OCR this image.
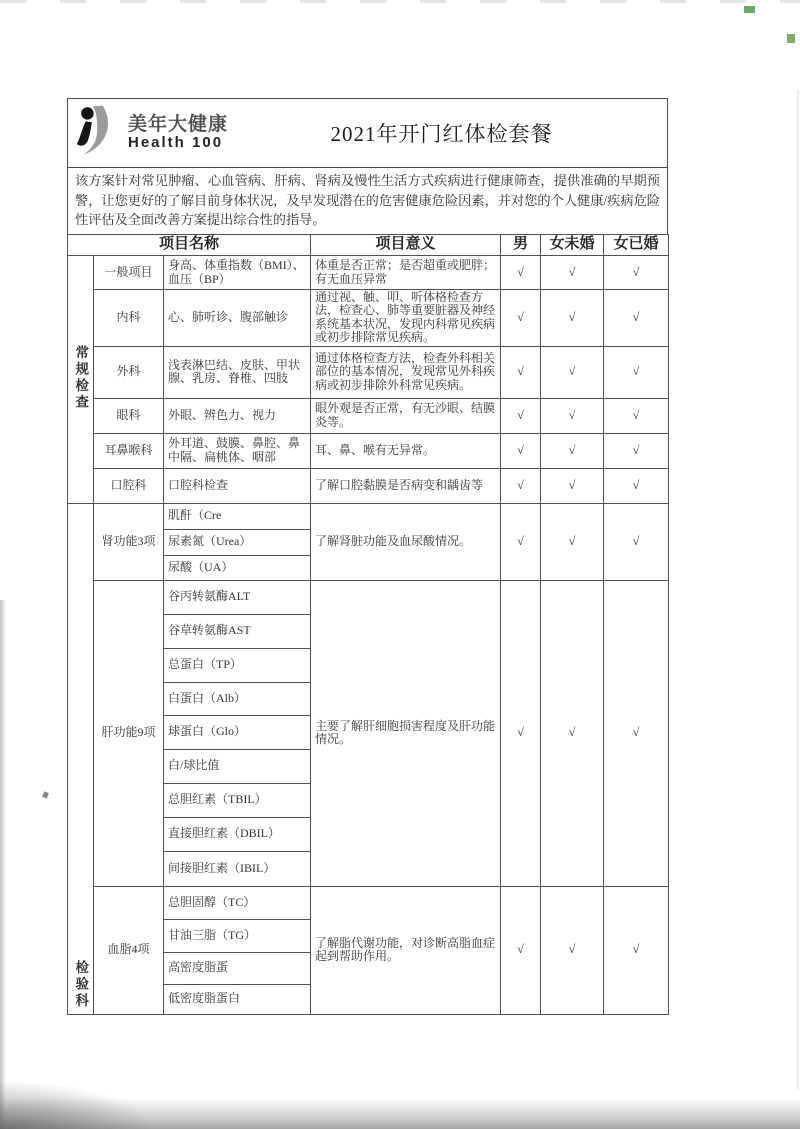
美年大健康
Health 100	2021年开门红体检套餐

该方案针对常见肿瘤、心血管病、肝病、肾病及慢性生活方式疾病进行健康筛查，提供准确的早期预警，让您更好的了解目前身体状况，及早发现潜在的危害健康危险因素，并对您的个人健康/疾病危险性评估及全面改善方案提出综合性的指导。

项目名称			项目意义	男	女未婚	女已婚
常规检查	一般项目	身高、体重指数（BMI）、血压（BP）	体重是否正常；是否超重或肥胖；有无血压异常	√	√	√
	内科	心、肺听诊、腹部触诊	通过视、触、叩、听体格检查方法，检查心、肺等重要脏器及神经系统基本状况，发现内科常见疾病或初步排除常见疾病。	√	√	√
	外科	浅表淋巴结、皮肤、甲状腺、乳房、脊椎、四肢	通过体格检查方法，检查外科相关部位的基本情况，发现常见外科疾病或初步排除外科常见疾病。	√	√	√
	眼科	外眼、辨色力、视力	眼外观是否正常，有无沙眼、结膜炎等。	√	√	√
	耳鼻喉科	外耳道、鼓膜、鼻腔、鼻中隔、扁桃体、咽部	耳、鼻、喉有无异常。	√	√	√
	口腔科	口腔科检查	了解口腔黏膜是否病变和龋齿等	√	√	√
检验科	肾功能3项	肌酐（Cre	了解肾脏功能及血尿酸情况。	√	√	√
		尿素氮（Urea）				
		尿酸（UA）				
	肝功能9项	谷丙转氨酶ALT	主要了解肝细胞损害程度及肝功能情况。	√	√	√
		谷草转氨酶AST				
		总蛋白（TP）				
		白蛋白（Alb）				
		球蛋白（Glo）				
		白/球比值				
		总胆红素（TBIL）				
		直接胆红素（DBIL）				
		间接胆红素（IBIL）				
	血脂4项	总胆固醇（TC）	了解脂代谢功能，对诊断高脂血症起到帮助作用。	√	√	√
		甘油三脂（TG）				
		高密度脂蛋				
		低密度脂蛋白				
